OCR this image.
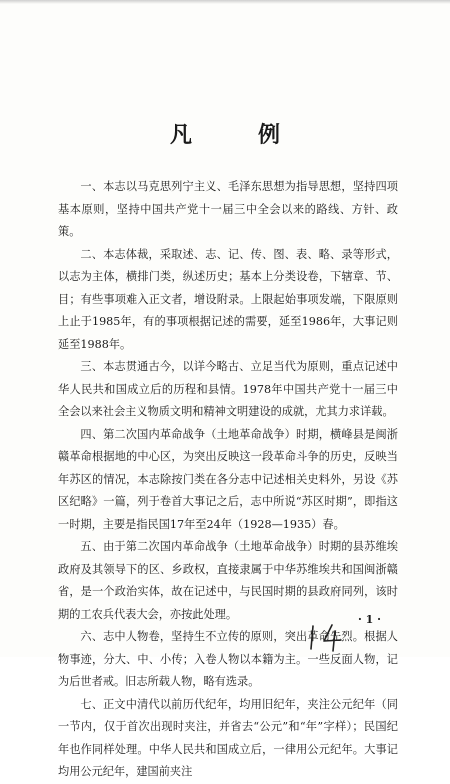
凡　例

一、本志以马克思列宁主义、毛泽东思想为指导思想，坚持四项基本原则，坚持中国共产党十一届三中全会以来的路线、方针、政策。

二、本志体裁，采取述、志、记、传、图、表、略、录等形式，以志为主体，横排门类，纵述历史；基本上分类设卷，下辖章、节、目；有些事项难入正文者，增设附录。上限起始事项发端，下限原则上止于1985年，有的事项根据记述的需要，延至1986年，大事记则延至1988年。

三、本志贯通古今，以详今略古、立足当代为原则，重点记述中华人民共和国成立后的历程和县情。1978年中国共产党十一届三中全会以来社会主义物质文明和精神文明建设的成就，尤其力求详载。

四、第二次国内革命战争（土地革命战争）时期，横峰县是闽浙赣革命根据地的中心区，为突出反映这一段革命斗争的历史，反映当年苏区的情况，本志除按门类在各分志中记述相关史料外，另设《苏区纪略》一篇，列于卷首大事记之后，志中所说“苏区时期”，即指这一时期，主要是指民国17年至24年（1928—1935）春。

五、由于第二次国内革命战争（土地革命战争）时期的县苏维埃政府及其领导下的区、乡政权，直接隶属于中华苏维埃共和国闽浙赣省，是一个政治实体，故在记述中，与民国时期的县政府同列，该时期的工农兵代表大会，亦按此处理。

六、志中人物卷，坚持生不立传的原则，突出革命先烈。根据人物事迹，分大、中、小传；入卷人物以本籍为主。一些反面人物，记为后世者戒。旧志所载人物，略有选录。

七、正文中清代以前历代纪年，均用旧纪年，夹注公元纪年（同一节内，仅于首次出现时夹注，并省去“公元”和“年”字样）；民国纪年也作同样处理。中华人民共和国成立后，一律用公元纪年。大事记均用公元纪年，建国前夹注

· 1 ·
